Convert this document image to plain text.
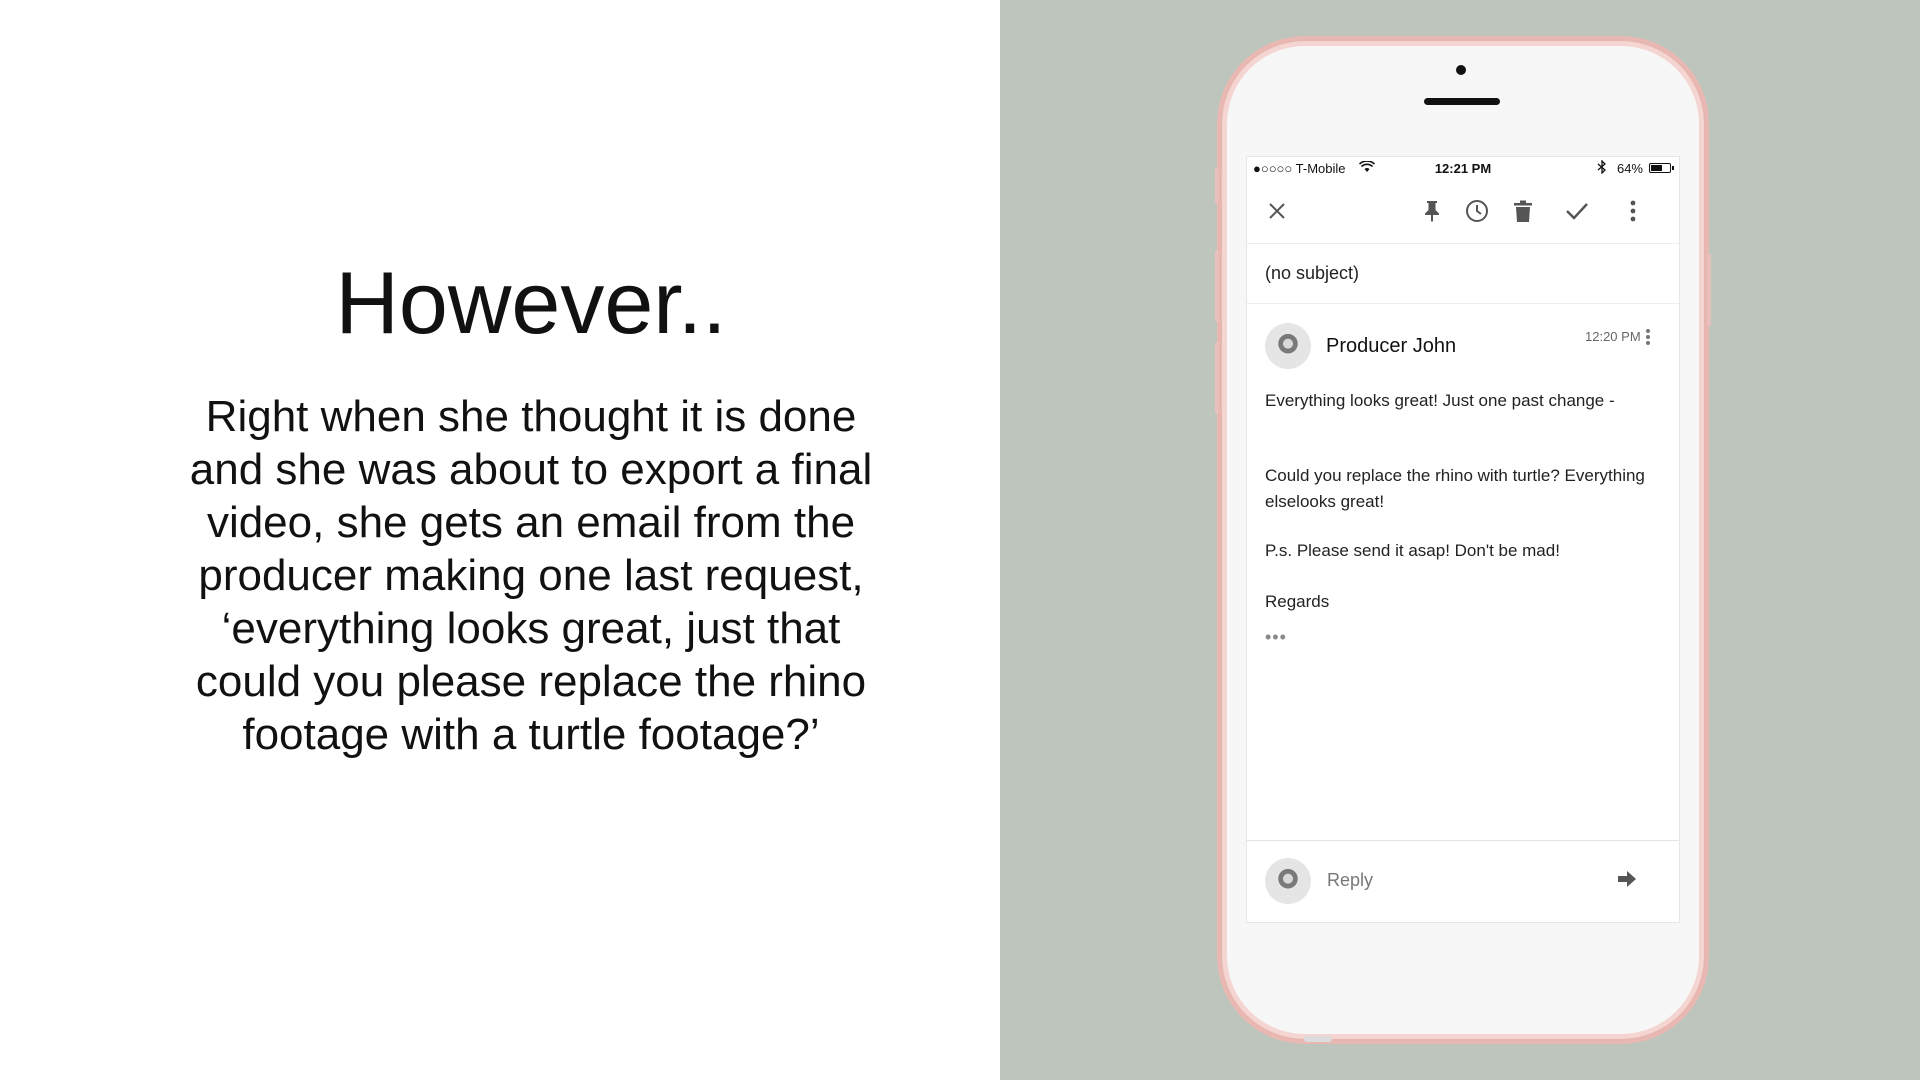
However..
Right when she thought it is done and she was about to export a final video, she gets an email from the producer making one last request, ‘everything looks great, just that could you please replace the rhino footage with a turtle footage?’
●○○○○ T-Mobile	12:21 PM	64%
(no subject)
Producer John	12:20 PM
Everything looks great! Just one past change -
Could you replace the rhino with turtle? Everything elselooks great!
P.s. Please send it asap! Don't be mad!
Regards
•••
Reply
